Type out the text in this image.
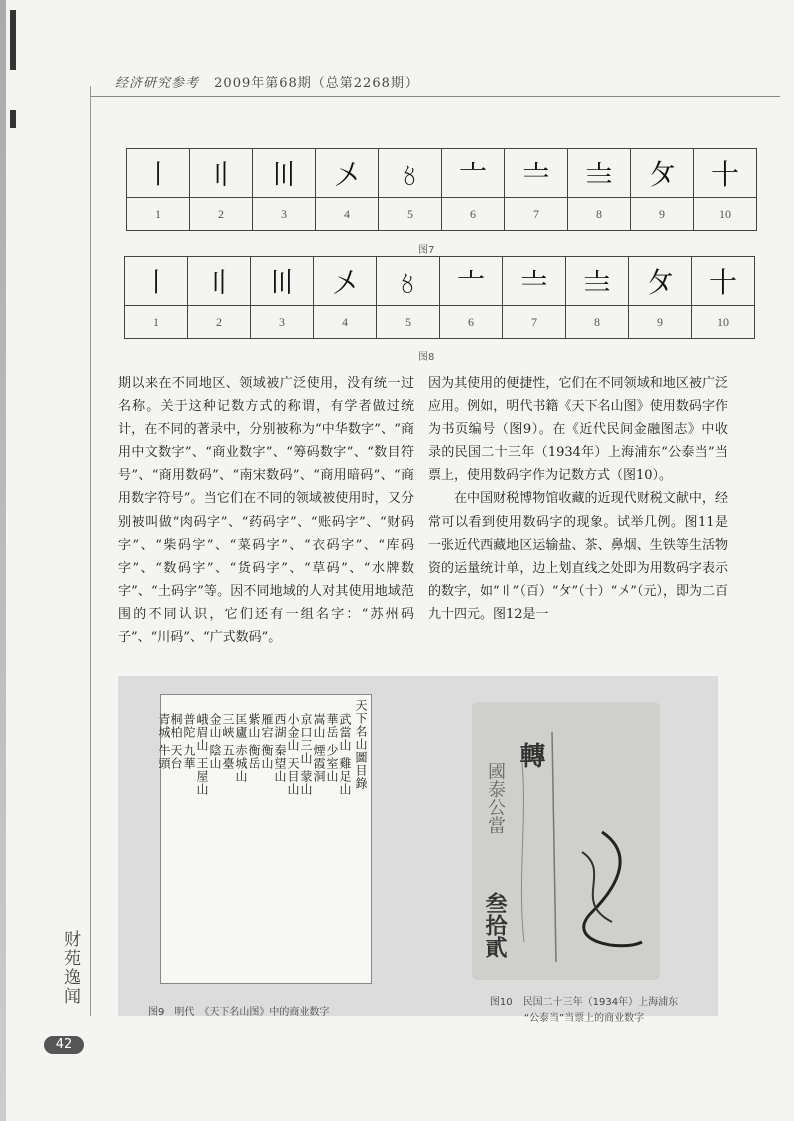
经济研究参考 2009年第68期（总第2268期）
〡	〢	〣	〤	〥	〦	〧	〨	〩	十
1	2	3	4	5	6	7	8	9	10
图7
〡	〢	〣	〤	〥	〦	〧	〨	〩	十
1	2	3	4	5	6	7	8	9	10
图8

期以来在不同地区、领域被广泛使用，没有统一过名称。关于这种记数方式的称谓，有学者做过统计，在不同的著录中，分别被称为“中华数字”、“商用中文数字”、“商业数字”、“筹码数字”、“数目符号”、“商用数码”、“南宋数码”、“商用暗码”、“商用数字符号”。当它们在不同的领域被使用时，又分别被叫做“肉码字”、“药码字”、“账码字”、“财码字”、“柴码字”、“菜码字”、“衣码字”、“库码字”、“数码字”、“货码字”、“草码”、“水牌数字”、“土码字”等。因不同地域的人对其使用地域范围的不同认识，它们还有一组名字：“苏州码子”、“川码”、“广式数码”。

因为其使用的便捷性，它们在不同领域和地区被广泛应用。例如，明代书籍《天下名山图》使用数码字作为书页编号（图9）。在《近代民间金融图志》中收录的民国二十三年（1934年）上海浦东“公泰当”当票上，使用数码字作为记数方式（图10）。

在中国财税博物馆收藏的近现代财税文献中，经常可以看到使用数码字的现象。试举几例。图11是一张近代西藏地区运输盐、茶、鼻烟、生铁等生活物资的运量统计单，边上划直线之处即为用数码字表示的数字，如“〢”（百）“〩”（十）“〤”（元），即为二百九十四元。图12是一

天下名山圖目錄
武當山 雞足山
華岳 少室山
嵩山 煙霞洞
京口三山 蒙山
小金山 天目山
西湖 秦望山
雁宕 衡山
紫山 衡岳
匡廬 赤城山
三峽 五臺
金山 陰山
峨眉山 王屋山
普陀 九華
桐柏 天台
青城 牛頭
图9　明代　《天下名山图》中的商业数字
轉
國泰公當
叁拾貳
图10　民国二十三年（1934年）上海浦东
“公泰当”当票上的商业数字
财苑逸闻
42
